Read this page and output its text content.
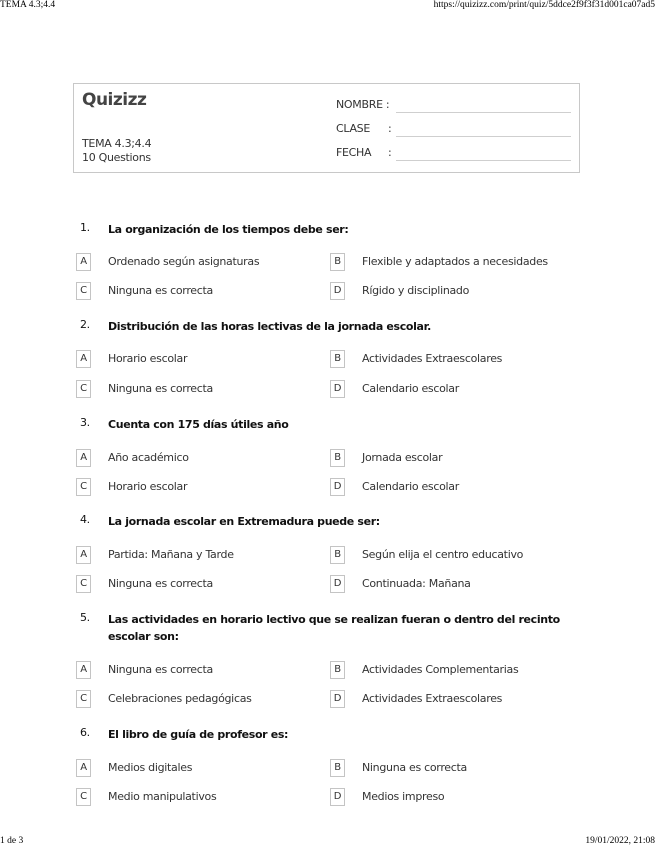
TEMA 4.3;4.4	https://quizizz.com/print/quiz/5ddce2f9f3f31d001ca07ad5
Quizizz
TEMA 4.3;4.4
10 Questions
NOMBRE :
CLASE :
FECHA :
1. La organización de los tiempos debe ser:
A	Ordenado según asignaturas	B	Flexible y adaptados a necesidades
C	Ninguna es correcta	D	Rígido y disciplinado
2. Distribución de las horas lectivas de la jornada escolar.
A	Horario escolar	B	Actividades Extraescolares
C	Ninguna es correcta	D	Calendario escolar
3. Cuenta con 175 días útiles año
A	Año académico	B	Jornada escolar
C	Horario escolar	D	Calendario escolar
4. La jornada escolar en Extremadura puede ser:
A	Partida: Mañana y Tarde	B	Según elija el centro educativo
C	Ninguna es correcta	D	Continuada: Mañana
5. Las actividades en horario lectivo que se realizan fueran o dentro del recinto escolar son:
A	Ninguna es correcta	B	Actividades Complementarias
C	Celebraciones pedagógicas	D	Actividades Extraescolares
6. El libro de guía de profesor es:
A	Medios digitales	B	Ninguna es correcta
C	Medio manipulativos	D	Medios impreso
1 de 3	19/01/2022, 21:08
